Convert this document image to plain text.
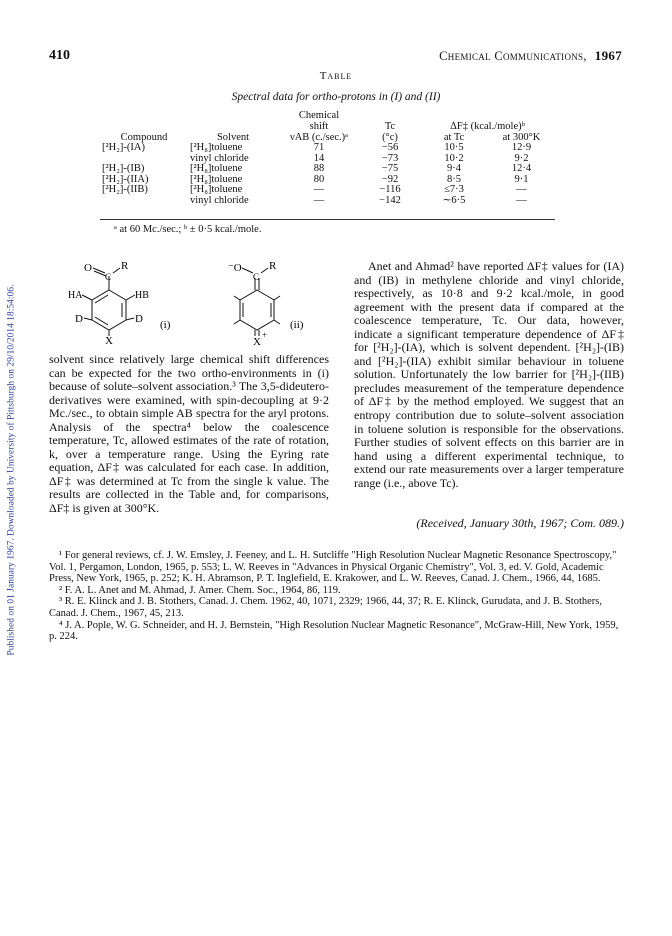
Published on 01 January 1967. Downloaded by University of Pittsburgh on 29/10/2014 18:54:06.
410	Chemical Communications, 1967
Table
Spectral data for ortho-protons in (I) and (II)
		Chemical			
		shift	Tc	ΔF‡ (kcal./mole)ᵇ	
Compound	Solvent	νAB (c./sec.)ᵃ	(°c)	at Tc	at 300°K
[²H₂]-(IA)	[²H₈]toluene	71	−56	10·5	12·9
	vinyl chloride	14	−73	10·2	9·2
[²H₂]-(IB)	[²H₈]toluene	88	−75	9·4	12·4
[²H₂]-(IIA)	[²H₈]toluene	80	−92	8·5	9·1
[²H₂]-(IIB)	[²H₈]toluene	—	−116	≤7·3	—
	vinyl chloride	—	−142	∼6·5	—
ᵃ at 60 Mc./sec.; ᵇ ± 0·5 kcal./mole.
O
C
R
HA	HB
D	D
X
(i)
⁻O
C
R
X
+
(ii)

solvent since relatively large chemical shift differences can be expected for the two ortho-environments in (i) because of solute–solvent association.³ The 3,5-dideutero-derivatives were examined, with spin-decoupling at 9·2 Mc./sec., to obtain simple AB spectra for the aryl protons. Analysis of the spectra⁴ below the coalescence temperature, Tc, allowed estimates of the rate of rotation, k, over a temperature range. Using the Eyring rate equation, ΔF‡ was calculated for each case. In addition, ΔF‡ was determined at Tc from the single k value. The results are collected in the Table and, for comparisons, ΔF‡ is given at 300°K.

Anet and Ahmad² have reported ΔF‡ values for (IA) and (IB) in methylene chloride and vinyl chloride, respectively, as 10·8 and 9·2 kcal./mole, in good agreement with the present data if compared at the coalescence temperature, Tc. Our data, however, indicate a significant temperature dependence of ΔF‡ for [²H₂]-(IA), which is solvent dependent. [²H₂]-(IB) and [²H₂]-(IIA) exhibit similar behaviour in toluene solution. Unfortunately the low barrier for [²H₂]-(IIB) precludes measurement of the temperature dependence of ΔF‡ by the method employed. We suggest that an entropy contribution due to solute–solvent association in toluene solution is responsible for the observations. Further studies of solvent effects on this barrier are in hand using a different experimental technique, to extend our rate measurements over a larger temperature range (i.e., above Tc).

(Received, January 30th, 1967; Com. 089.)
¹ For general reviews, cf. J. W. Emsley, J. Feeney, and L. H. Sutcliffe "High Resolution Nuclear Magnetic Resonance Spectroscopy," Vol. 1, Pergamon, London, 1965, p. 553; L. W. Reeves in "Advances in Physical Organic Chemistry", Vol. 3, ed. V. Gold, Academic Press, New York, 1965, p. 252; K. H. Abramson, P. T. Inglefield, E. Krakower, and L. W. Reeves, Canad. J. Chem., 1966, 44, 1685.
² F. A. L. Anet and M. Ahmad, J. Amer. Chem. Soc., 1964, 86, 119.
³ R. E. Klinck and J. B. Stothers, Canad. J. Chem. 1962, 40, 1071, 2329; 1966, 44, 37; R. E. Klinck, Gurudata, and J. B. Stothers, Canad. J. Chem., 1967, 45, 213.
⁴ J. A. Pople, W. G. Schneider, and H. J. Bernstein, "High Resolution Nuclear Magnetic Resonance", McGraw-Hill, New York, 1959, p. 224.
